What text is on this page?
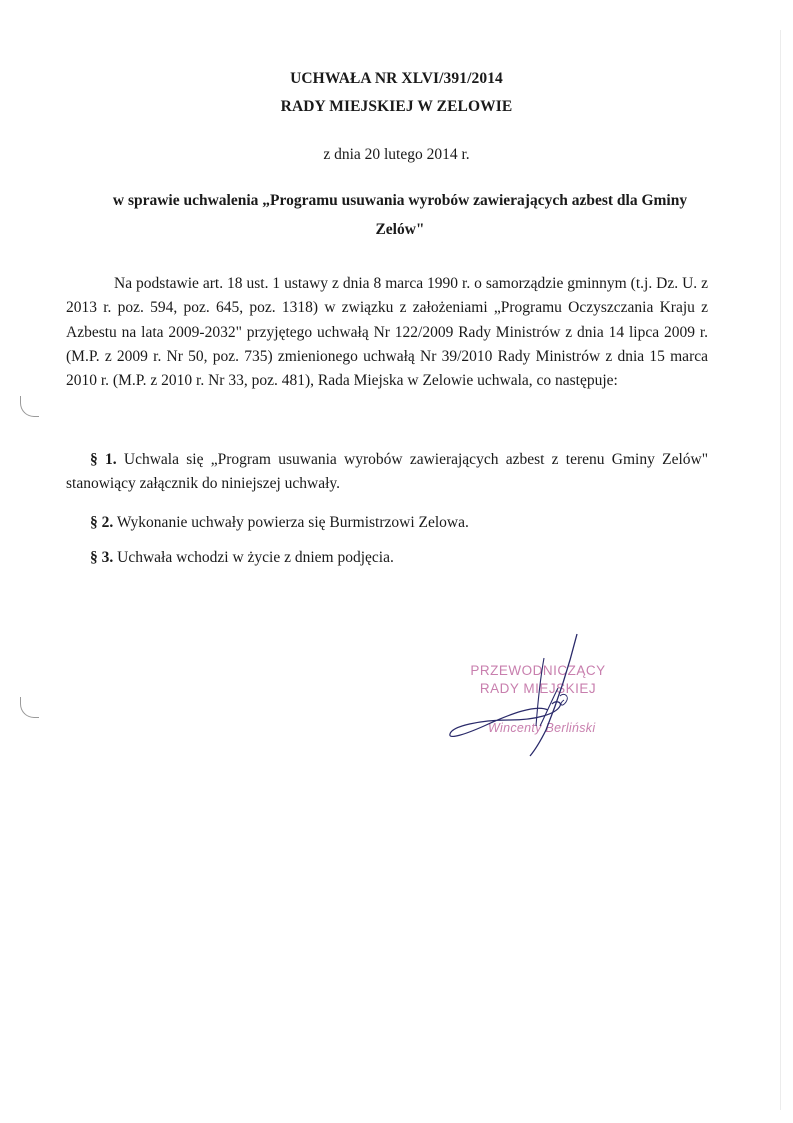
UCHWAŁA NR XLVI/391/2014
RADY MIEJSKIEJ W ZELOWIE
z dnia 20 lutego 2014 r.
w sprawie uchwalenia „Programu usuwania wyrobów zawierających azbest dla Gminy
Zelów"

Na podstawie art. 18 ust. 1 ustawy z dnia 8 marca 1990 r. o samorządzie gminnym (t.j. Dz. U. z 2013 r. poz. 594, poz. 645, poz. 1318) w związku z założeniami „Programu Oczyszczania Kraju z Azbestu na lata 2009-2032" przyjętego uchwałą Nr 122/2009 Rady Ministrów z dnia 14 lipca 2009 r. (M.P. z 2009 r. Nr 50, poz. 735) zmienionego uchwałą Nr 39/2010 Rady Ministrów z dnia 15 marca 2010 r. (M.P. z 2010 r. Nr 33, poz. 481), Rada Miejska w Zelowie uchwala, co następuje:

§ 1. Uchwala się „Program usuwania wyrobów zawierających azbest z terenu Gminy Zelów" stanowiący załącznik do niniejszej uchwały.

§ 2. Wykonanie uchwały powierza się Burmistrzowi Zelowa.

§ 3. Uchwała wchodzi w życie z dniem podjęcia.

PRZEWODNICZĄCY
RADY MIEJSKIEJ
Wincenty Berliński
